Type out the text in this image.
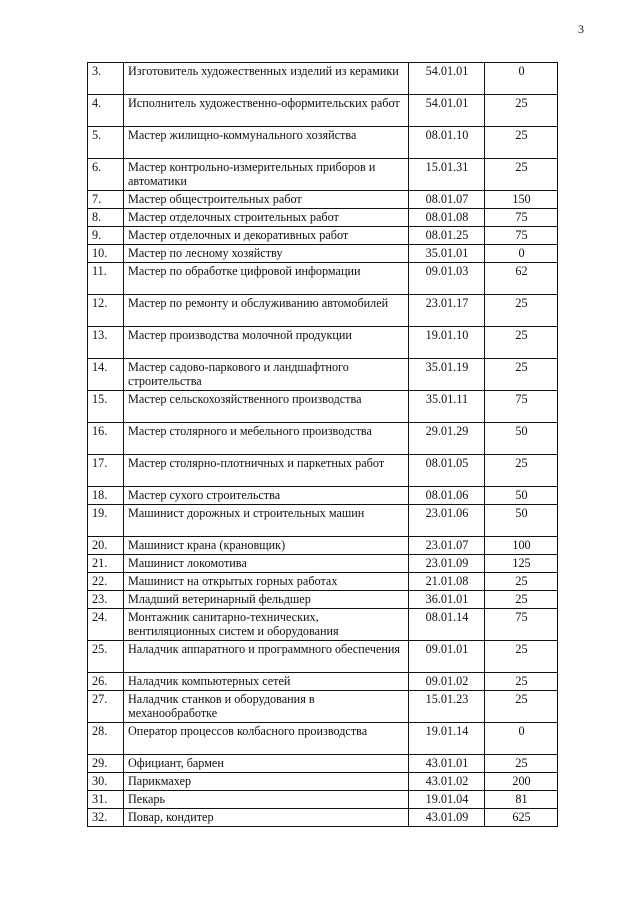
3
3.	Изготовитель художественных изделий из керамики	54.01.01	0
4.	Исполнитель художественно-оформительских работ	54.01.01	25
5.	Мастер жилищно-коммунального хозяйства	08.01.10	25
6.	Мастер контрольно-измерительных приборов и автоматики	15.01.31	25
7.	Мастер общестроительных работ	08.01.07	150
8.	Мастер отделочных строительных работ	08.01.08	75
9.	Мастер отделочных и декоративных работ	08.01.25	75
10.	Мастер по лесному хозяйству	35.01.01	0
11.	Мастер по обработке цифровой информации	09.01.03	62
12.	Мастер по ремонту и обслуживанию автомобилей	23.01.17	25
13.	Мастер производства молочной продукции	19.01.10	25
14.	Мастер садово-паркового и ландшафтного строительства	35.01.19	25
15.	Мастер сельскохозяйственного производства	35.01.11	75
16.	Мастер столярного и мебельного производства	29.01.29	50
17.	Мастер столярно-плотничных и паркетных работ	08.01.05	25
18.	Мастер сухого строительства	08.01.06	50
19.	Машинист дорожных и строительных машин	23.01.06	50
20.	Машинист крана (крановщик)	23.01.07	100
21.	Машинист локомотива	23.01.09	125
22.	Машинист на открытых горных работах	21.01.08	25
23.	Младший ветеринарный фельдшер	36.01.01	25
24.	Монтажник санитарно-технических, вентиляционных систем и оборудования	08.01.14	75
25.	Наладчик аппаратного и программного обеспечения	09.01.01	25
26.	Наладчик компьютерных сетей	09.01.02	25
27.	Наладчик станков и оборудования в механообработке	15.01.23	25
28.	Оператор процессов колбасного производства	19.01.14	0
29.	Официант, бармен	43.01.01	25
30.	Парикмахер	43.01.02	200
31.	Пекарь	19.01.04	81
32.	Повар, кондитер	43.01.09	625
